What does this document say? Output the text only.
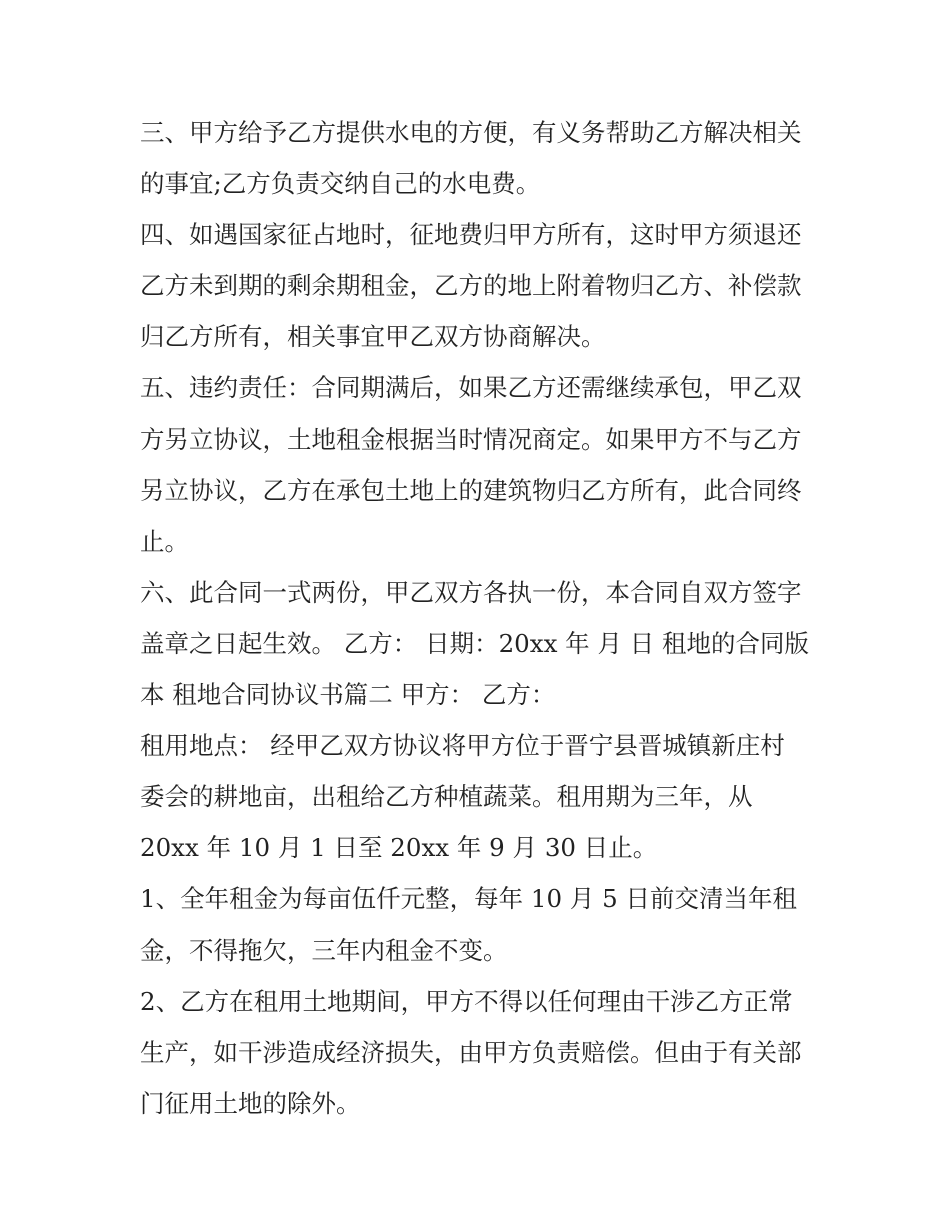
三、甲方给予乙方提供水电的方便，有义务帮助乙方解决相关
的事宜;乙方负责交纳自己的水电费。
四、如遇国家征占地时，征地费归甲方所有，这时甲方须退还
乙方未到期的剩余期租金，乙方的地上附着物归乙方、补偿款
归乙方所有，相关事宜甲乙双方协商解决。
五、违约责任：合同期满后，如果乙方还需继续承包，甲乙双
方另立协议，土地租金根据当时情况商定。如果甲方不与乙方
另立协议，乙方在承包土地上的建筑物归乙方所有，此合同终
止。
六、此合同一式两份，甲乙双方各执一份，本合同自双方签字
盖章之日起生效。 乙方： 日期：20xx 年 月 日 租地的合同版
本 租地合同协议书篇二 甲方： 乙方：
租用地点： 经甲乙双方协议将甲方位于晋宁县晋城镇新庄村
委会的耕地亩，出租给乙方种植蔬菜。租用期为三年，从
20xx 年 10 月 1 日至 20xx 年 9 月 30 日止。
1、全年租金为每亩伍仟元整，每年 10 月 5 日前交清当年租
金，不得拖欠，三年内租金不变。
2、乙方在租用土地期间，甲方不得以任何理由干涉乙方正常
生产，如干涉造成经济损失，由甲方负责赔偿。但由于有关部
门征用土地的除外。
